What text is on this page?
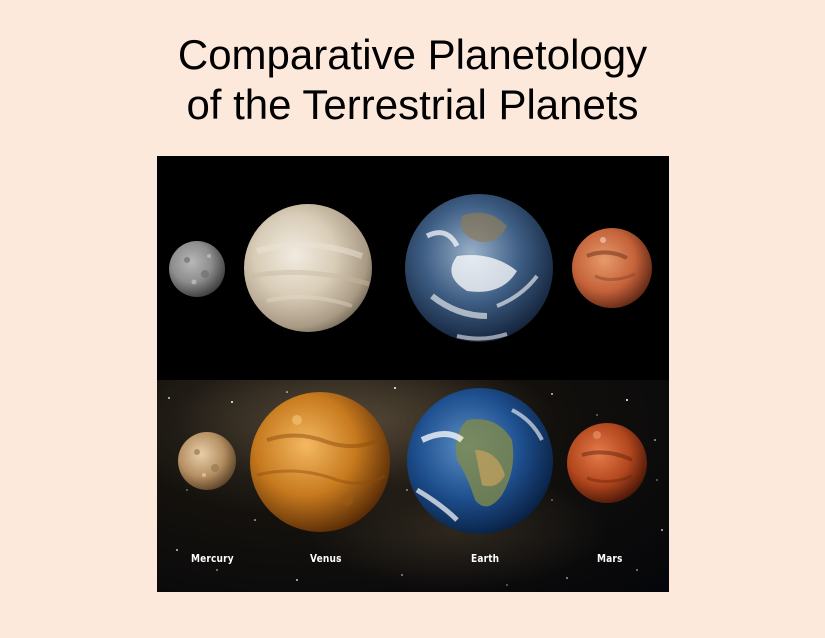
Comparative Planetology
of the Terrestrial Planets
Mercury	Venus	Earth	Mars
